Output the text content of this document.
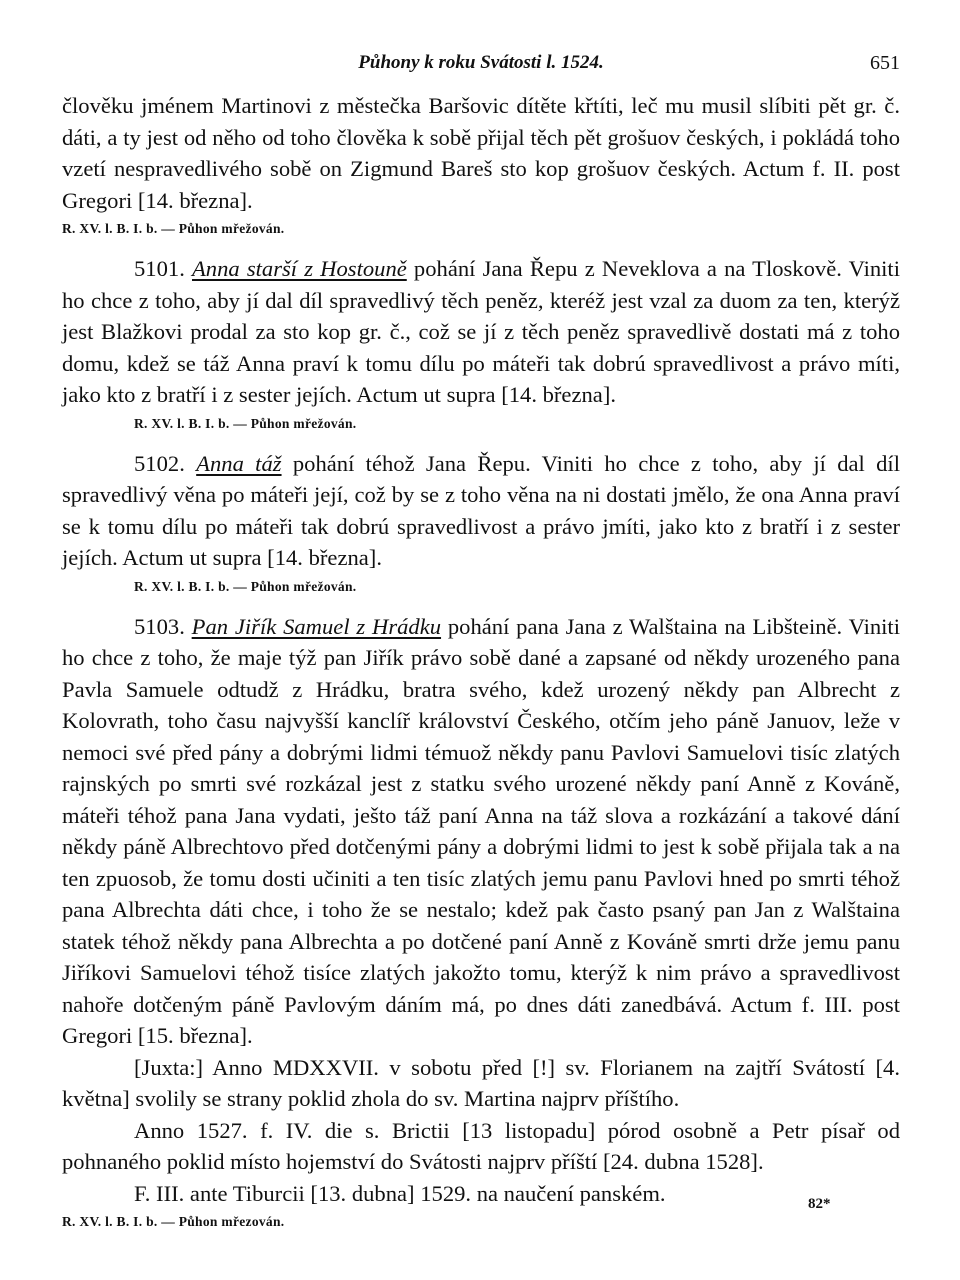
Půhony k roku Svátosti l. 1524.	651

člověku jménem Martinovi z městečka Baršovic dítěte křtíti, leč mu musil slíbiti pět gr. č. dáti, a ty jest od něho od toho člověka k sobě přijal těch pět grošuov českých, i pokládá toho vzetí nespravedlivého sobě on Zigmund Bareš sto kop grošuov českých. Actum f. II. post Gregori [14. března].

R. XV. l. B. I. b. — Půhon mřežován.

5101. Anna starší z Hostouně pohání Jana Řepu z Neveklova a na Tloskově. Viniti ho chce z toho, aby jí dal díl spravedlivý těch peněz, kteréž jest vzal za duom za ten, kterýž jest Blažkovi prodal za sto kop gr. č., což se jí z těch peněz spravedlivě dostati má z toho domu, kdež se táž Anna praví k tomu dílu po máteři tak dobrú spravedlivost a právo míti, jako kto z bratří i z sester jejích. Actum ut supra [14. března].

R. XV. l. B. I. b. — Půhon mřežován.

5102. Anna táž pohání téhož Jana Řepu. Viniti ho chce z toho, aby jí dal díl spravedlivý věna po máteři její, což by se z toho věna na ni dostati jmělo, že ona Anna praví se k tomu dílu po máteři tak dobrú spravedlivost a právo jmíti, jako kto z bratří i z sester jejích. Actum ut supra [14. března].

R. XV. l. B. I. b. — Půhon mřežován.

5103. Pan Jiřík Samuel z Hrádku pohání pana Jana z Walštaina na Libšteině. Viniti ho chce z toho, že maje týž pan Jiřík právo sobě dané a zapsané od někdy urozeného pana Pavla Samuele odtudž z Hrádku, bratra svého, kdež urozený někdy pan Albrecht z Kolovrath, toho času najvyšší kanclíř království Českého, otčím jeho páně Januov, leže v nemoci své před pány a dobrými lidmi témuož někdy panu Pavlovi Samuelovi tisíc zlatých rajnských po smrti své rozkázal jest z statku svého urozené někdy paní Anně z Kováně, máteři téhož pana Jana vydati, ješto táž paní Anna na táž slova a rozkázání a takové dání někdy páně Albrechtovo před dotčenými pány a dobrými lidmi to jest k sobě přijala tak a na ten zpuosob, že tomu dosti učiniti a ten tisíc zlatých jemu panu Pavlovi hned po smrti téhož pana Albrechta dáti chce, i toho že se nestalo; kdež pak často psaný pan Jan z Walštaina statek téhož někdy pana Albrechta a po dotčené paní Anně z Kováně smrti drže jemu panu Jiříkovi Samuelovi téhož tisíce zlatých jakožto tomu, kterýž k nim právo a spravedlivost nahoře dotčeným páně Pavlovým dáním má, po dnes dáti zanedbává. Actum f. III. post Gregori [15. března].

[Juxta:] Anno MDXXVII. v sobotu před [!] sv. Florianem na zajtří Svátostí [4. května] svolily se strany poklid zhola do sv. Martina najprv příštího.

Anno 1527. f. IV. die s. Brictii [13 listopadu] pórod osobně a Petr písař od pohnaného poklid místo hojemství do Svátosti najprv příští [24. dubna 1528].

F. III. ante Tiburcii [13. dubna] 1529. na naučení panském.

R. XV. l. B. I. b. — Půhon mřezován.
82*
